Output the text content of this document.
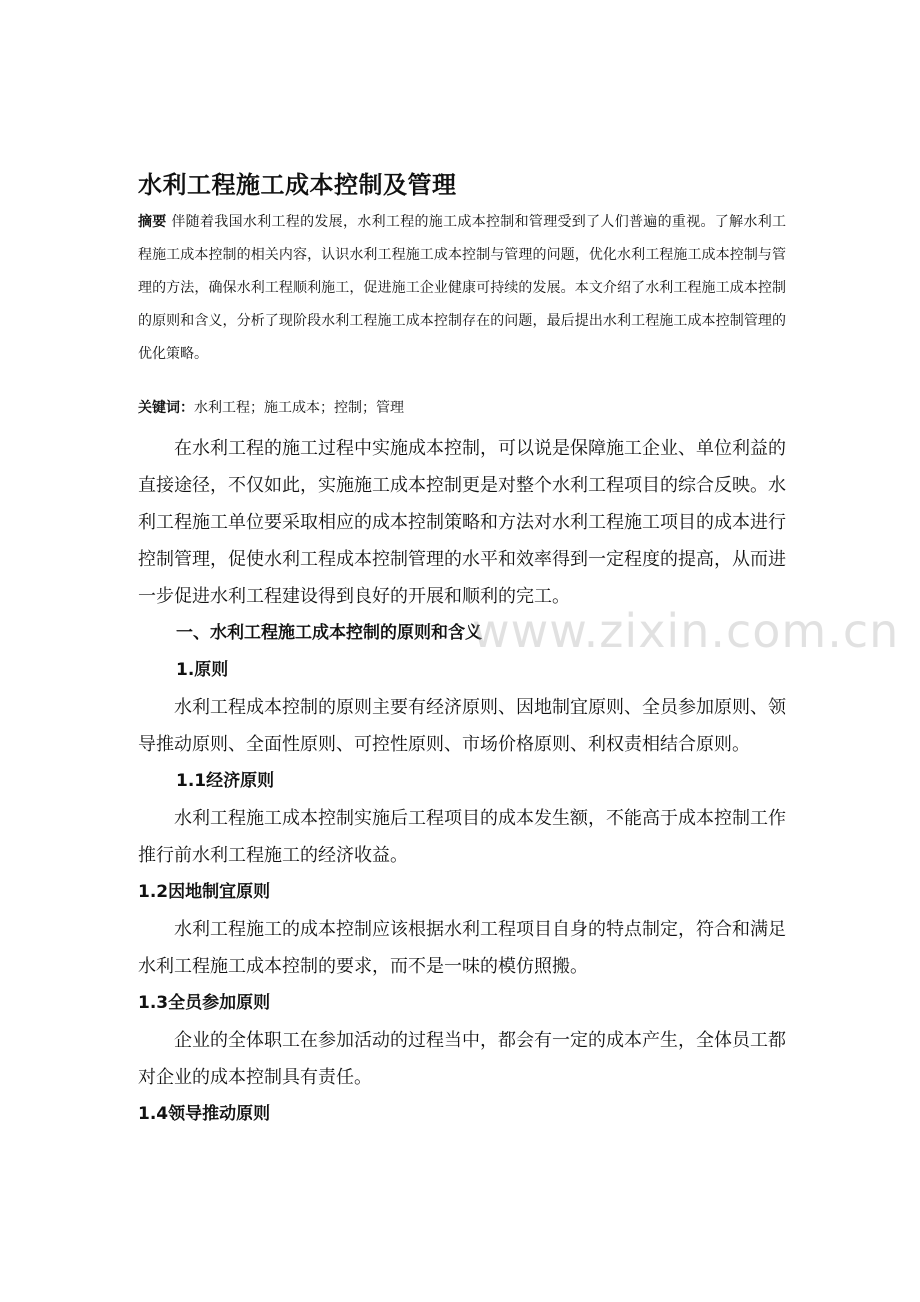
水利工程施工成本控制及管理

摘要 伴随着我国水利工程的发展，水利工程的施工成本控制和管理受到了人们普遍的重视。了解水利工程施工成本控制的相关内容，认识水利工程施工成本控制与管理的问题，优化水利工程施工成本控制与管理的方法，确保水利工程顺利施工，促进施工企业健康可持续的发展。本文介绍了水利工程施工成本控制的原则和含义，分析了现阶段水利工程施工成本控制存在的问题，最后提出水利工程施工成本控制管理的优化策略。

关键词：水利工程；施工成本；控制；管理

在水利工程的施工过程中实施成本控制，可以说是保障施工企业、单位利益的直接途径，不仅如此，实施施工成本控制更是对整个水利工程项目的综合反映。水利工程施工单位要采取相应的成本控制策略和方法对水利工程施工项目的成本进行控制管理，促使水利工程成本控制管理的水平和效率得到一定程度的提高，从而进一步促进水利工程建设得到良好的开展和顺利的完工。

一、水利工程施工成本控制的原则和含义

1.原则

水利工程成本控制的原则主要有经济原则、因地制宜原则、全员参加原则、领导推动原则、全面性原则、可控性原则、市场价格原则、利权责相结合原则。

1.1经济原则

水利工程施工成本控制实施后工程项目的成本发生额，不能高于成本控制工作推行前水利工程施工的经济收益。

1.2因地制宜原则

水利工程施工的成本控制应该根据水利工程项目自身的特点制定，符合和满足水利工程施工成本控制的要求，而不是一味的模仿照搬。

1.3全员参加原则

企业的全体职工在参加活动的过程当中，都会有一定的成本产生，全体员工都对企业的成本控制具有责任。

1.4领导推动原则

www.zixin.com.cn
